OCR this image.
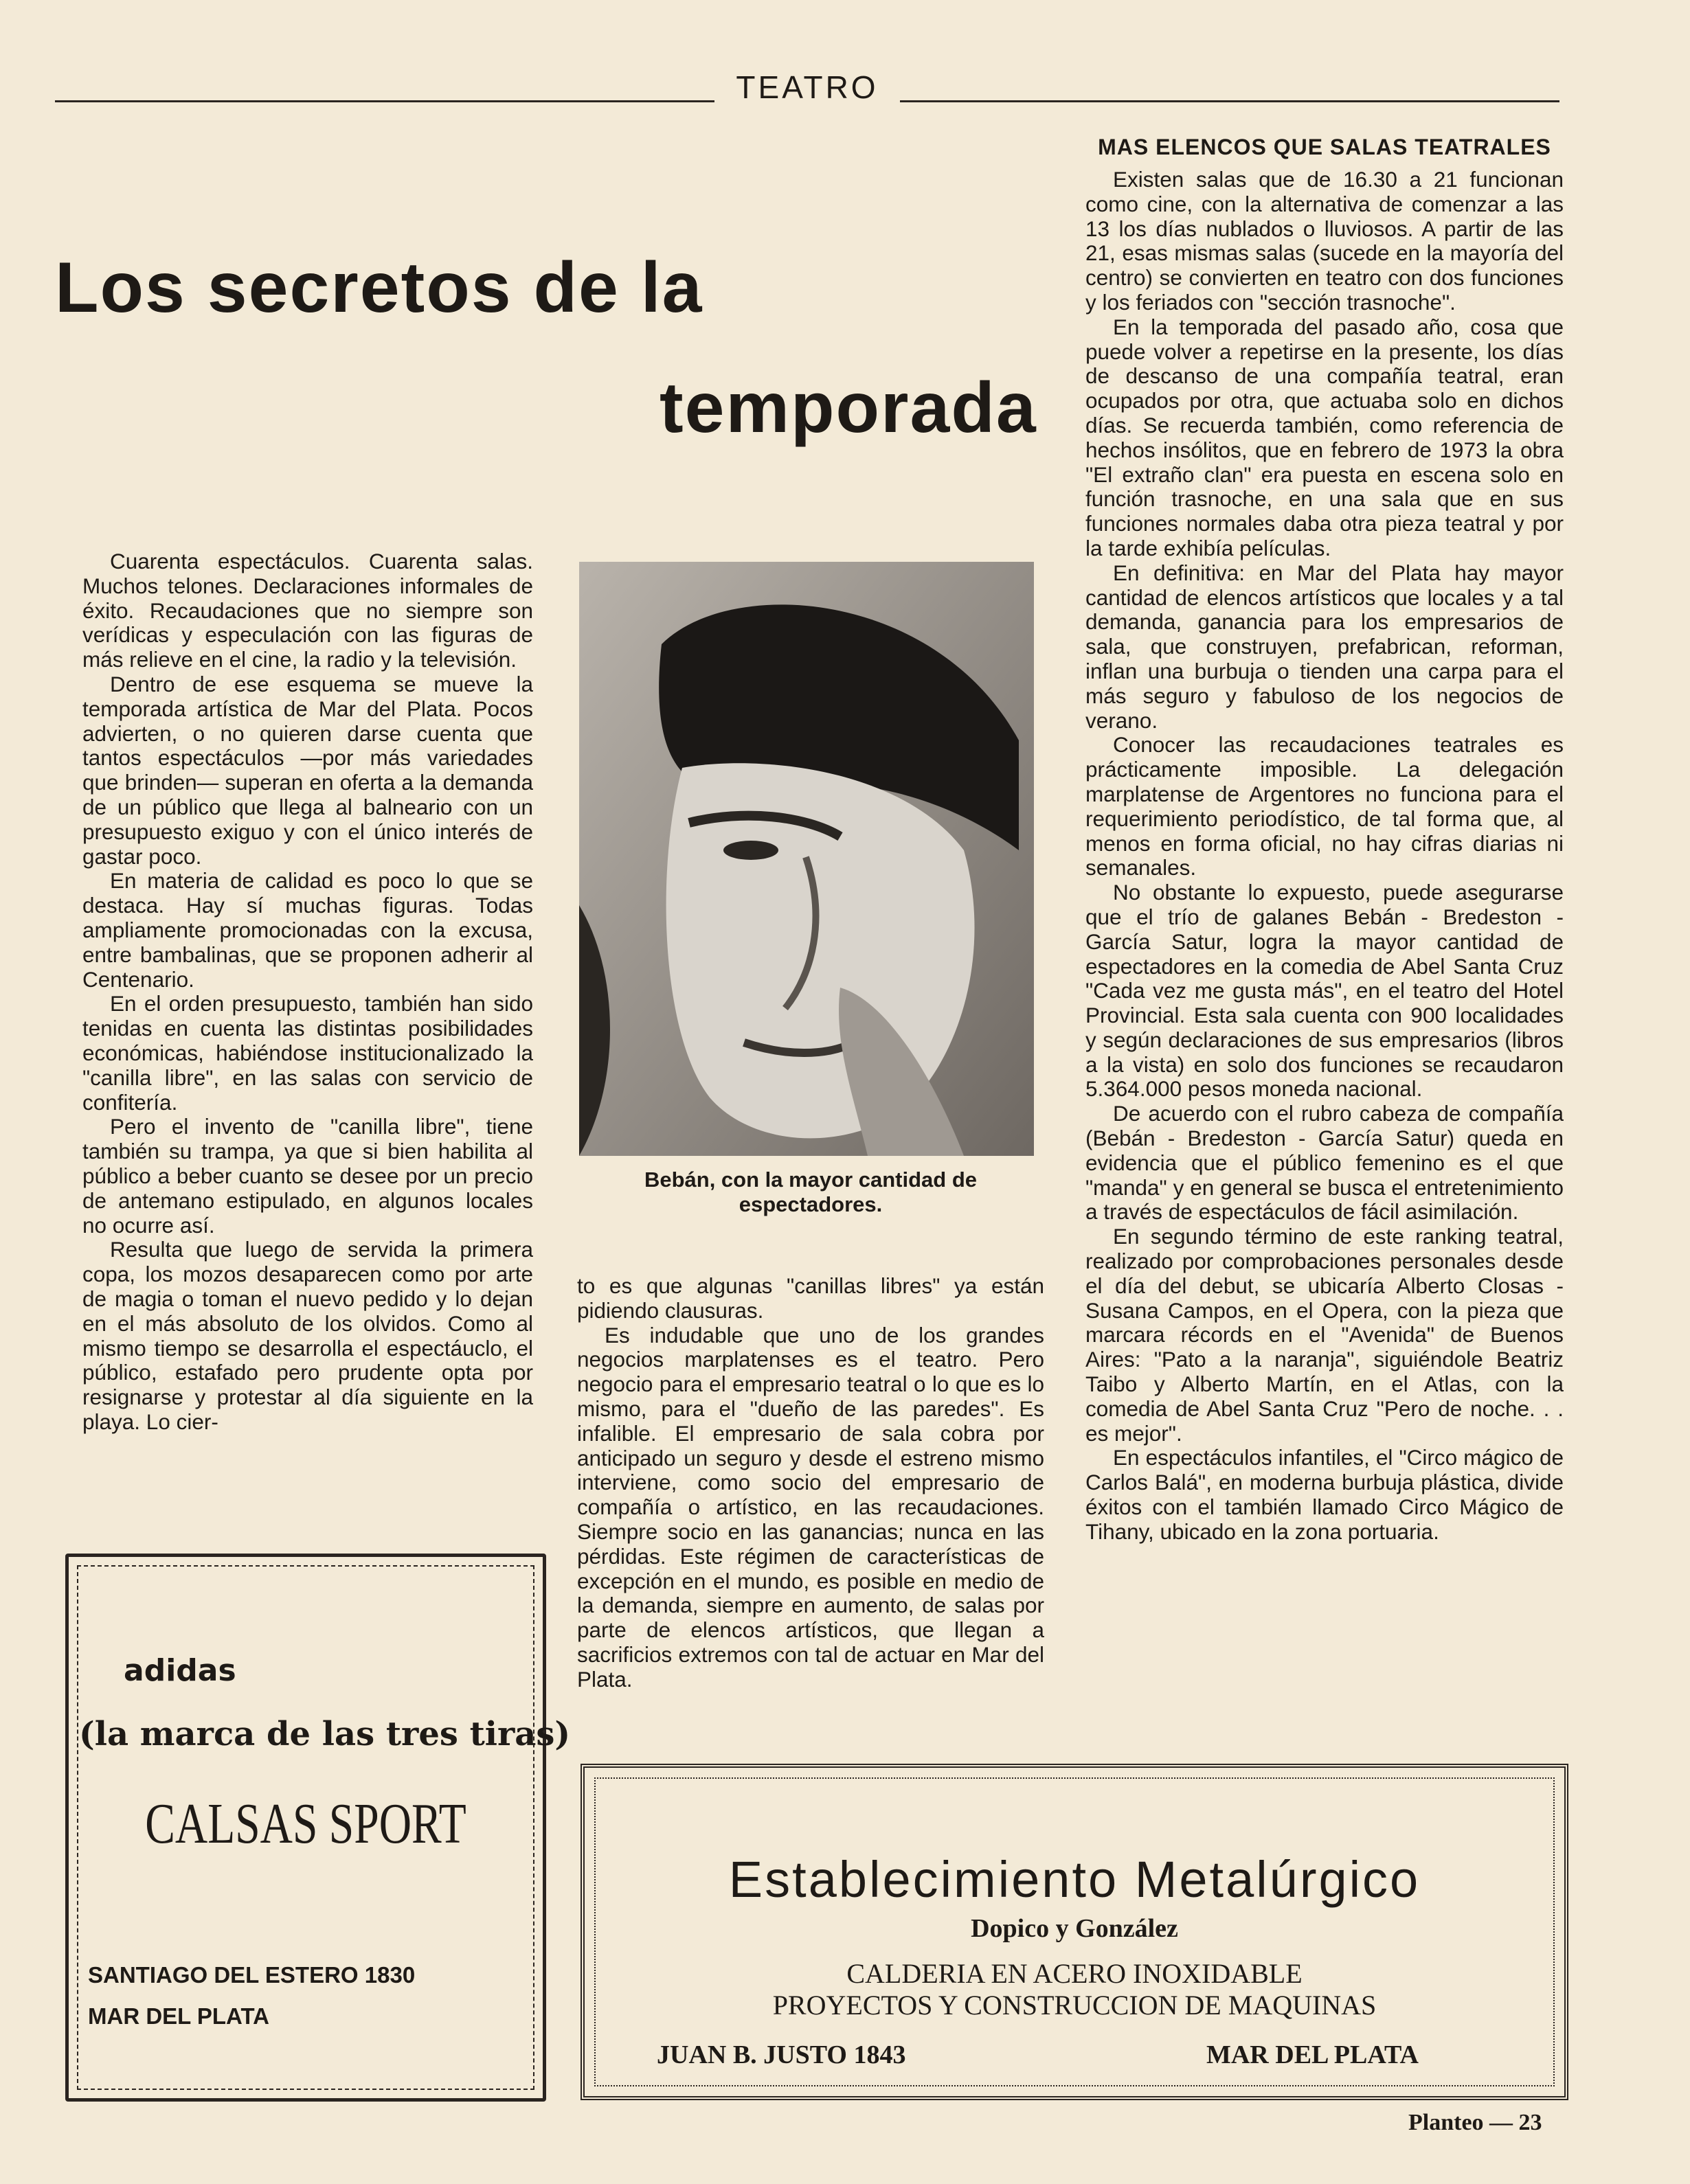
TEATRO
Los secretos de la
temporada

Cuarenta espectáculos. Cuarenta salas. Muchos telones. Declaraciones informales de éxito. Recaudaciones que no siempre son verídicas y especulación con las figuras de más relieve en el cine, la radio y la televisión.

Dentro de ese esquema se mueve la temporada artística de Mar del Plata. Pocos advierten, o no quieren darse cuenta que tantos espectáculos —por más variedades que brinden— superan en oferta a la demanda de un público que llega al balneario con un presupuesto exiguo y con el único interés de gastar poco.

En materia de calidad es poco lo que se destaca. Hay sí muchas figuras. Todas ampliamente promocionadas con la excusa, entre bambalinas, que se proponen adherir al Centenario.

En el orden presupuesto, también han sido tenidas en cuenta las distintas posibilidades económicas, habiéndose institucionalizado la "canilla libre", en las salas con servicio de confitería.

Pero el invento de "canilla libre", tiene también su trampa, ya que si bien habilita al público a beber cuanto se desee por un precio de antemano estipulado, en algunos locales no ocurre así.

Resulta que luego de servida la primera copa, los mozos desaparecen como por arte de magia o toman el nuevo pedido y lo dejan en el más absoluto de los olvidos. Como al mismo tiempo se desarrolla el espectáuclo, el público, estafado pero prudente opta por resignarse y protestar al día siguiente en la playa. Lo cier-

Bebán, con la mayor cantidad de espectadores.

to es que algunas "canillas libres" ya están pidiendo clausuras.

Es indudable que uno de los grandes negocios marplatenses es el teatro. Pero negocio para el empresario teatral o lo que es lo mismo, para el "dueño de las paredes". Es infalible. El empresario de sala cobra por anticipado un seguro y desde el estreno mismo interviene, como socio del empresario de compañía o artístico, en las recaudaciones. Siempre socio en las ganancias; nunca en las pérdidas. Este régimen de características de excepción en el mundo, es posible en medio de la demanda, siempre en aumento, de salas por parte de elencos artísticos, que llegan a sacrificios extremos con tal de actuar en Mar del Plata.

MAS ELENCOS QUE SALAS TEATRALES

Existen salas que de 16.30 a 21 funcionan como cine, con la alternativa de comenzar a las 13 los días nublados o lluviosos. A partir de las 21, esas mismas salas (sucede en la mayoría del centro) se convierten en teatro con dos funciones y los feriados con "sección trasnoche".

En la temporada del pasado año, cosa que puede volver a repetirse en la presente, los días de descanso de una compañía teatral, eran ocupados por otra, que actuaba solo en dichos días. Se recuerda también, como referencia de hechos insólitos, que en febrero de 1973 la obra "El extraño clan" era puesta en escena solo en función trasnoche, en una sala que en sus funciones normales daba otra pieza teatral y por la tarde exhibía películas.

En definitiva: en Mar del Plata hay mayor cantidad de elencos artísticos que locales y a tal demanda, ganancia para los empresarios de sala, que construyen, prefabrican, reforman, inflan una burbuja o tienden una carpa para el más seguro y fabuloso de los negocios de verano.

Conocer las recaudaciones teatrales es prácticamente imposible. La delegación marplatense de Argentores no funciona para el requerimiento periodístico, de tal forma que, al menos en forma oficial, no hay cifras diarias ni semanales.

No obstante lo expuesto, puede asegurarse que el trío de galanes Bebán - Bredeston - García Satur, logra la mayor cantidad de espectadores en la comedia de Abel Santa Cruz "Cada vez me gusta más", en el teatro del Hotel Provincial. Esta sala cuenta con 900 localidades y según declaraciones de sus empresarios (libros a la vista) en solo dos funciones se recaudaron 5.364.000 pesos moneda nacional.

De acuerdo con el rubro cabeza de compañía (Bebán - Bredeston - García Satur) queda en evidencia que el público femenino es el que "manda" y en general se busca el entretenimiento a través de espectáculos de fácil asimilación.

En segundo término de este ranking teatral, realizado por comprobaciones personales desde el día del debut, se ubicaría Alberto Closas - Susana Campos, en el Opera, con la pieza que marcara récords en el "Avenida" de Buenos Aires: "Pato a la naranja", siguiéndole Beatriz Taibo y Alberto Martín, en el Atlas, con la comedia de Abel Santa Cruz "Pero de noche. . . es mejor".

En espectáculos infantiles, el "Circo mágico de Carlos Balá", en moderna burbuja plástica, divide éxitos con el también llamado Circo Mágico de Tihany, ubicado en la zona portuaria.

adidas
(la marca de las tres tiras)
CALSAS SPORT
SANTIAGO DEL ESTERO 1830
MAR DEL PLATA
Establecimiento Metalúrgico
Dopico y González
CALDERIA EN ACERO INOXIDABLE
PROYECTOS Y CONSTRUCCION DE MAQUINAS
JUAN B. JUSTO 1843	MAR DEL PLATA
Planteo — 23
